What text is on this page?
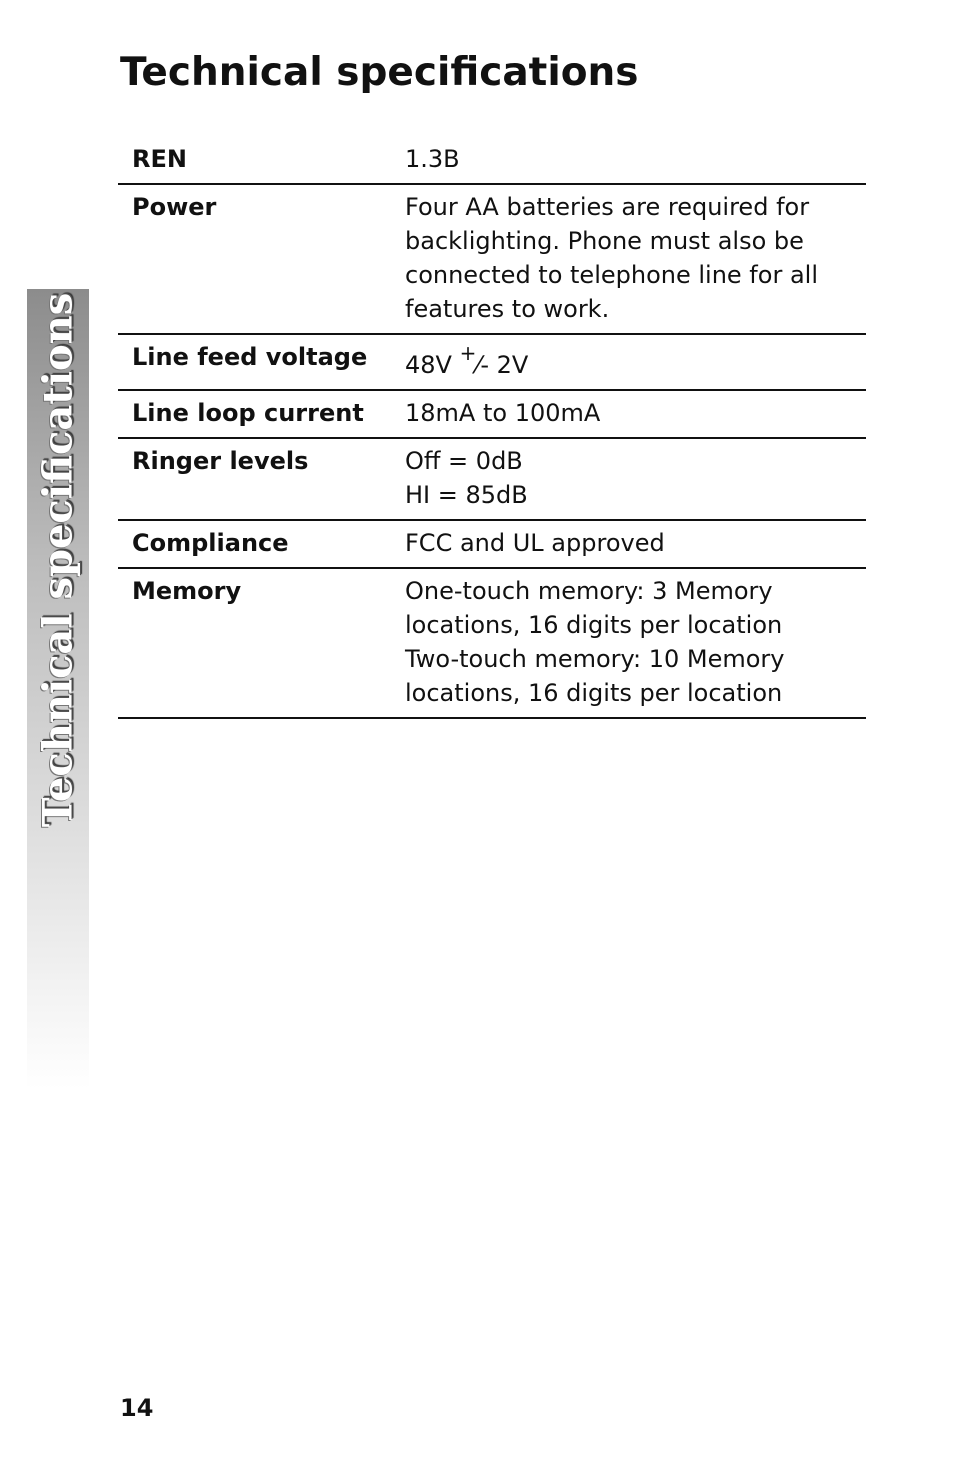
Technical specifications
Technical specifications
REN	1.3B
Power	Four AA batteries are required for
backlighting. Phone must also be
connected to telephone line for all
features to work.
Line feed voltage	48V +⁄- 2V
Line loop current	18mA to 100mA
Ringer levels	Off = 0dB
HI = 85dB
Compliance	FCC and UL approved
Memory	One-touch memory: 3 Memory
locations, 16 digits per location
Two-touch memory: 10 Memory
locations, 16 digits per location
14
